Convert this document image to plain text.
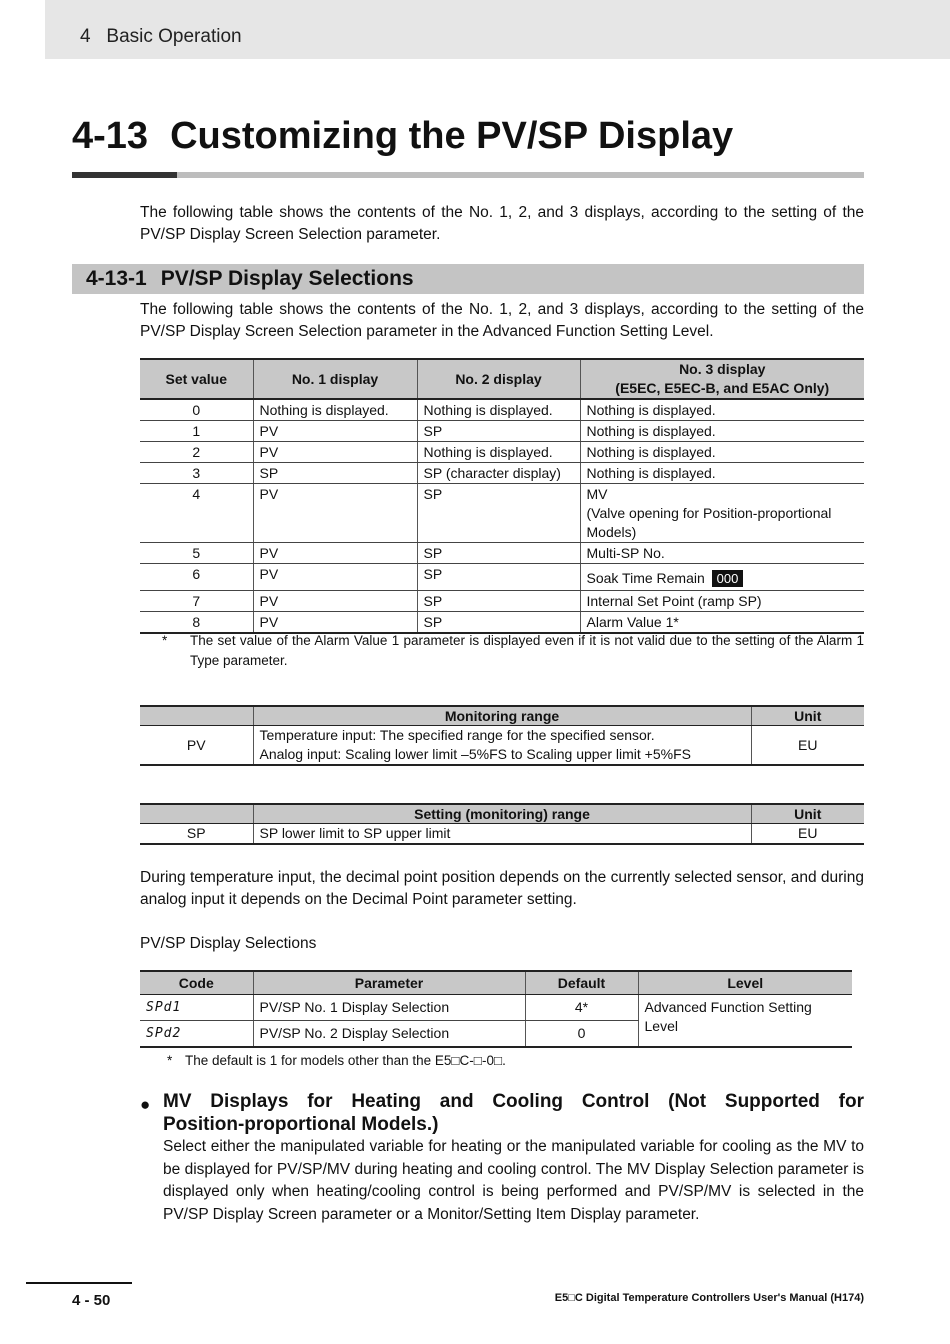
4   Basic Operation
4-13 Customizing the PV/SP Display
The following table shows the contents of the No. 1, 2, and 3 displays, according to the setting of the PV/SP Display Screen Selection parameter.
4-13-1 PV/SP Display Selections
The following table shows the contents of the No. 1, 2, and 3 displays, according to the setting of the PV/SP Display Screen Selection parameter in the Advanced Function Setting Level.
Set value	No. 1 display	No. 2 display	No. 3 display
(E5EC, E5EC-B, and E5AC Only)

0	Nothing is displayed.	Nothing is displayed.	Nothing is displayed.
1	PV	SP	Nothing is displayed.
2	PV	Nothing is displayed.	Nothing is displayed.
3	SP	SP (character display)	Nothing is displayed.
4	PV	SP	MV
(Valve opening for Position-proportional
Models)

5	PV	SP	Multi-SP No.
6	PV	SP	Soak Time Remain 000
7	PV	SP	Internal Set Point (ramp SP)
8	PV	SP	Alarm Value 1*
* The set value of the Alarm Value 1 parameter is displayed even if it is not valid due to the setting of the Alarm 1 Type parameter.
	Monitoring range	Unit
PV	Temperature input: The specified range for the specified sensor.
Analog input: Scaling lower limit –5%FS to Scaling upper limit +5%FS	EU
	Setting (monitoring) range	Unit
SP	SP lower limit to SP upper limit	EU
During temperature input, the decimal point position depends on the currently selected sensor, and during analog input it depends on the Decimal Point parameter setting.
PV/SP Display Selections
Code	Parameter	Default	Level
SPd1	PV/SP No. 1 Display Selection	4*	Advanced Function Setting Level
SPd2	PV/SP No. 2 Display Selection	0	
* The default is 1 for models other than the E5□C-□-0□.
● MV Displays for Heating and Cooling Control (Not Supported for
Position-proportional Models.)
Select either the manipulated variable for heating or the manipulated variable for cooling as the MV to be displayed for PV/SP/MV during heating and cooling control. The MV Display Selection parameter is displayed only when heating/cooling control is being performed and PV/SP/MV is selected in the PV/SP Display Screen parameter or a Monitor/Setting Item Display parameter.
4 - 50	E5□C Digital Temperature Controllers User's Manual (H174)
